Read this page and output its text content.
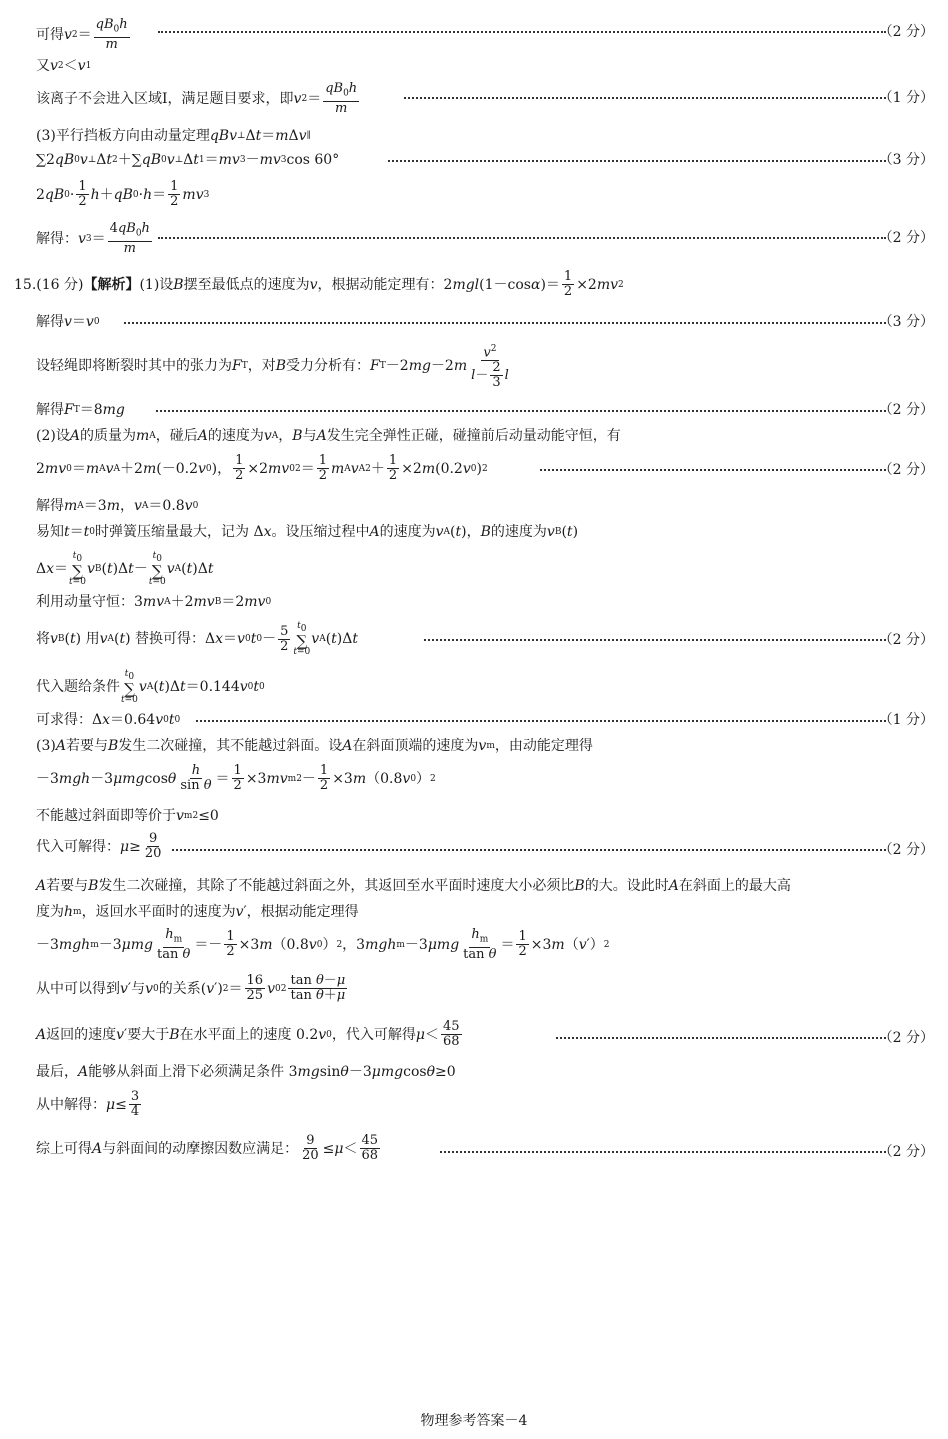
可得 v $2 = \frac{qB_0h}{m}$	（2 分）
又 v 2 ＜ v 1
该离子不会进入区域Ⅰ，满足题目要求，即 v $2 = \frac{qB_0h}{m}$	（1 分）
(3)平行挡板方向由动量定理 qBv ⊥ Δ t ＝ m Δ v ∥
∑2 qB 0 v ⊥ Δ t 2 ＋∑ qB 0 v ⊥ Δ t 1 ＝ mv 3 － mv 3 cos 60°	（3 分）
2 qB $0 \cdot \frac{1}{2}$ h ＋ qB $0 \cdot h = \frac{1}{2}$ mv 3
解得： v $3 = \frac{4qB_0h}{m}$	（2 分）
15.(16 分) 【解析】 (1)设 B 摆至最低点的速度为 v ，根据动能定理有：2 mgl (1－cos α )＝ $\frac{1}{2} \times 2$ mv 2
解得 v ＝ v 0	（3 分）
设轻绳即将断裂时其中的张力为 F T ，对 B 受力分析有： F T －2 mg －2 m $\frac{v^2}{l- \frac{2}{3} l}$
解得 F T ＝8 mg	（2 分）
(2)设 A 的质量为 m A ，碰后 A 的速度为 v A ， B 与 A 发生完全弹性正碰，碰撞前后动量动能守恒，有
2 mv 0 ＝ m A v A ＋2 m (－0.2 v 0 )， $\frac{1}{2} \times 2$ mv 0 $2 = \frac{1}{2}$ m A v A $2 + \frac{1}{2} \times 2$ m (0.2 v 0 ) 2	（2 分）
解得 m A ＝3 m ， v A ＝0.8 v 0
易知 t ＝ t 0 时弹簧压缩量最大，记为 Δ x 。设压缩过程中 A 的速度为 v A ( t )， B 的速度为 v B ( t )
Δ x ＝
$t_0$
∑
t=0
v B ( t )Δ t －
$t_0$
∑
t=0
v A ( t )Δ t
利用动量守恒：3 mv A ＋2 mv B ＝2 mv 0
将 v B ( t ) 用 v A ( t ) 替换可得：Δ x ＝ v 0 t $0 - \frac{5}{2} t_0$
∑
t=0
v A ( t )Δ t	（2 分）
代入题给条件
$t_0$
∑
t=0
v A ( t )Δ t ＝0.144 v 0 t 0
可求得：Δ x ＝0.64 v 0 t 0	（1 分）
(3) A 若要与 B 发生二次碰撞，其不能越过斜面。设 A 在斜面顶端的速度为 v m ，由动能定理得
－3 mgh －3 μmg cos θ $\frac{h}{\text{sin θ}} = \frac{1}{2} \times 3$ mv m $2 - \frac{1}{2} \times 3$ m （0.8 v 0 ） 2
不能越过斜面即等价于 v m 2 ≤0
代入可解得： $\mu \ge \frac{9}{20}$	（2 分）
A 若要与 B 发生二次碰撞，其除了不能越过斜面之外，其返回至水平面时速度大小必须比 B 的大。设此时 A 在斜面上的最大高
度为 h m ，返回水平面时的速度为 v ′，根据动能定理得
－3 mgh m －3 μmg $\frac{h_m}{\text{tan θ}} =- \frac{1}{2} \times 3$ m （0.8 v 0 ） 2 ，3 mgh m －3 μmg $\frac{h_m}{\text{tan θ}} = \frac{1}{2} \times 3$ m （ v ′） 2
从中可以得到 v ′与 v 0 的关系( v ′) $2 = \frac{16}{25}$ v 0 $2 \frac{\text{tan θ－μ}}{\text{tan θ＋μ}}$
A 返回的速度 v ′要大于 B 在水平面上的速度 0.2 v 0 ，代入可解得 $\mu < \frac{45}{68}$	（2 分）
最后， A 能够从斜面上滑下必须满足条件 3 mg sin θ －3 μmg cos θ ≥0
从中解得： $\mu \le \frac{3}{4}$
综上可得 A 与斜面间的动摩擦因数应满足： $\frac{9}{20} \le \mu < \frac{45}{68}$	（2 分）
物理参考答案－4
